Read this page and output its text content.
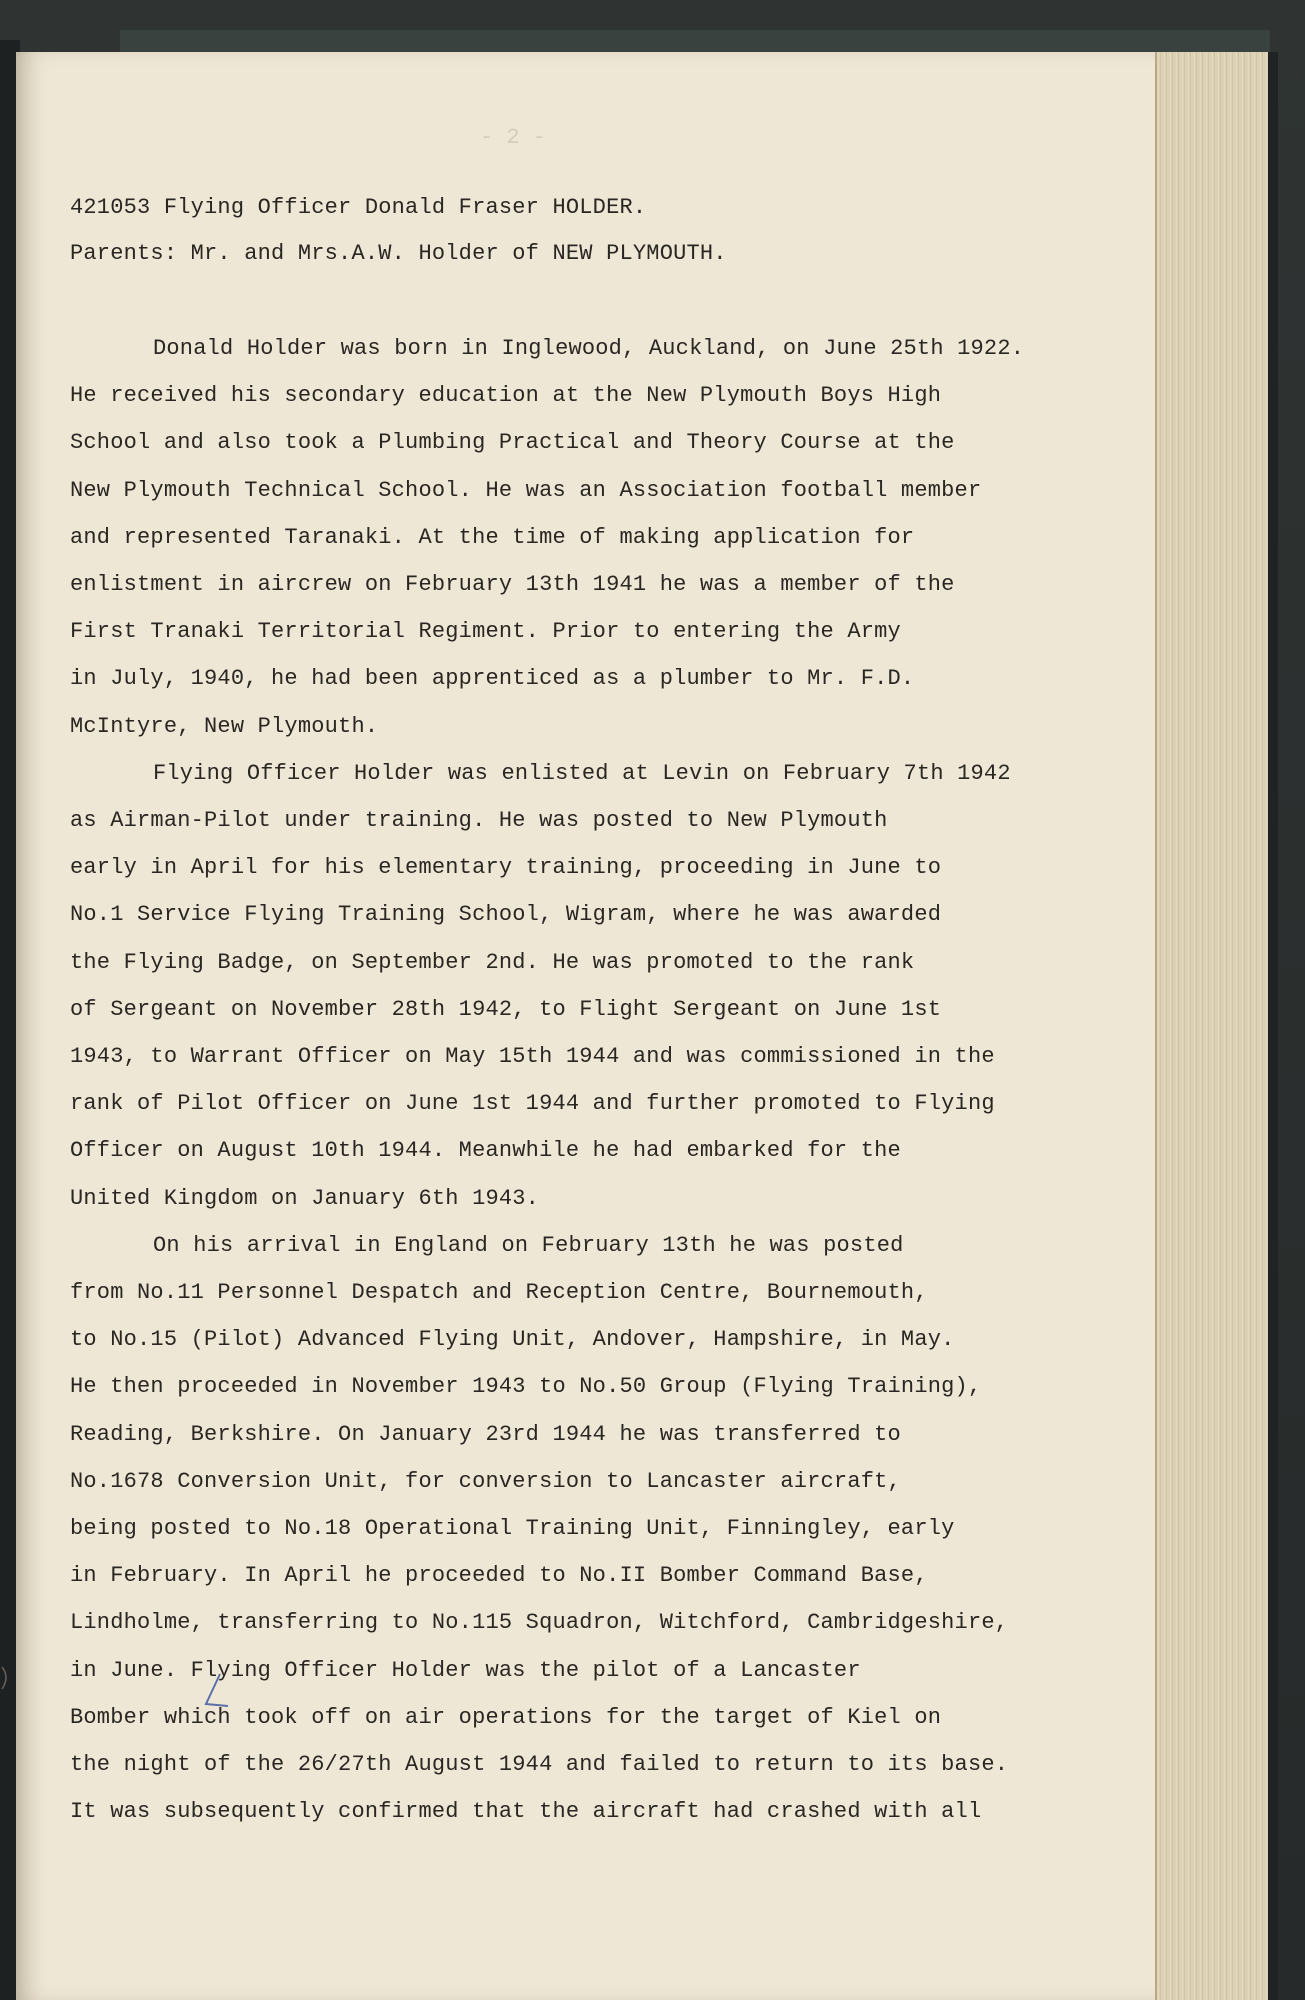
- 2 -

421053 Flying Officer Donald Fraser HOLDER.

Parents: Mr. and Mrs.A.W. Holder of NEW PLYMOUTH.

Donald Holder was born in Inglewood, Auckland, on June 25th 1922.
He received his secondary education at the New Plymouth Boys High
School and also took a Plumbing Practical and Theory Course at the
New Plymouth Technical School. He was an Association football member
and represented Taranaki. At the time of making application for
enlistment in aircrew on February 13th 1941 he was a member of the
First Tranaki Territorial Regiment. Prior to entering the Army
in July, 1940, he had been apprenticed as a plumber to Mr. F.D.
McIntyre, New Plymouth.
Flying Officer Holder was enlisted at Levin on February 7th 1942
as Airman-Pilot under training. He was posted to New Plymouth
early in April for his elementary training, proceeding in June to
No.1 Service Flying Training School, Wigram, where he was awarded
the Flying Badge, on September 2nd. He was promoted to the rank
of Sergeant on November 28th 1942, to Flight Sergeant on June 1st
1943, to Warrant Officer on May 15th 1944 and was commissioned in the
rank of Pilot Officer on June 1st 1944 and further promoted to Flying
Officer on August 10th 1944. Meanwhile he had embarked for the
United Kingdom on January 6th 1943.
On his arrival in England on February 13th he was posted
from No.11 Personnel Despatch and Reception Centre, Bournemouth,
to No.15 (Pilot) Advanced Flying Unit, Andover, Hampshire, in May.
He then proceeded in November 1943 to No.50 Group (Flying Training),
Reading, Berkshire. On January 23rd 1944 he was transferred to
No.1678 Conversion Unit, for conversion to Lancaster aircraft,
being posted to No.18 Operational Training Unit, Finningley, early
in February. In April he proceeded to No.II Bomber Command Base,
Lindholme, transferring to No.115 Squadron, Witchford, Cambridgeshire,
in June. Flying Officer Holder was the pilot of a Lancaster
Bomber which took off on air operations for the target of Kiel on
the night of the 26/27th August 1944 and failed to return to its base.
It was subsequently confirmed that the aircraft had crashed with all
